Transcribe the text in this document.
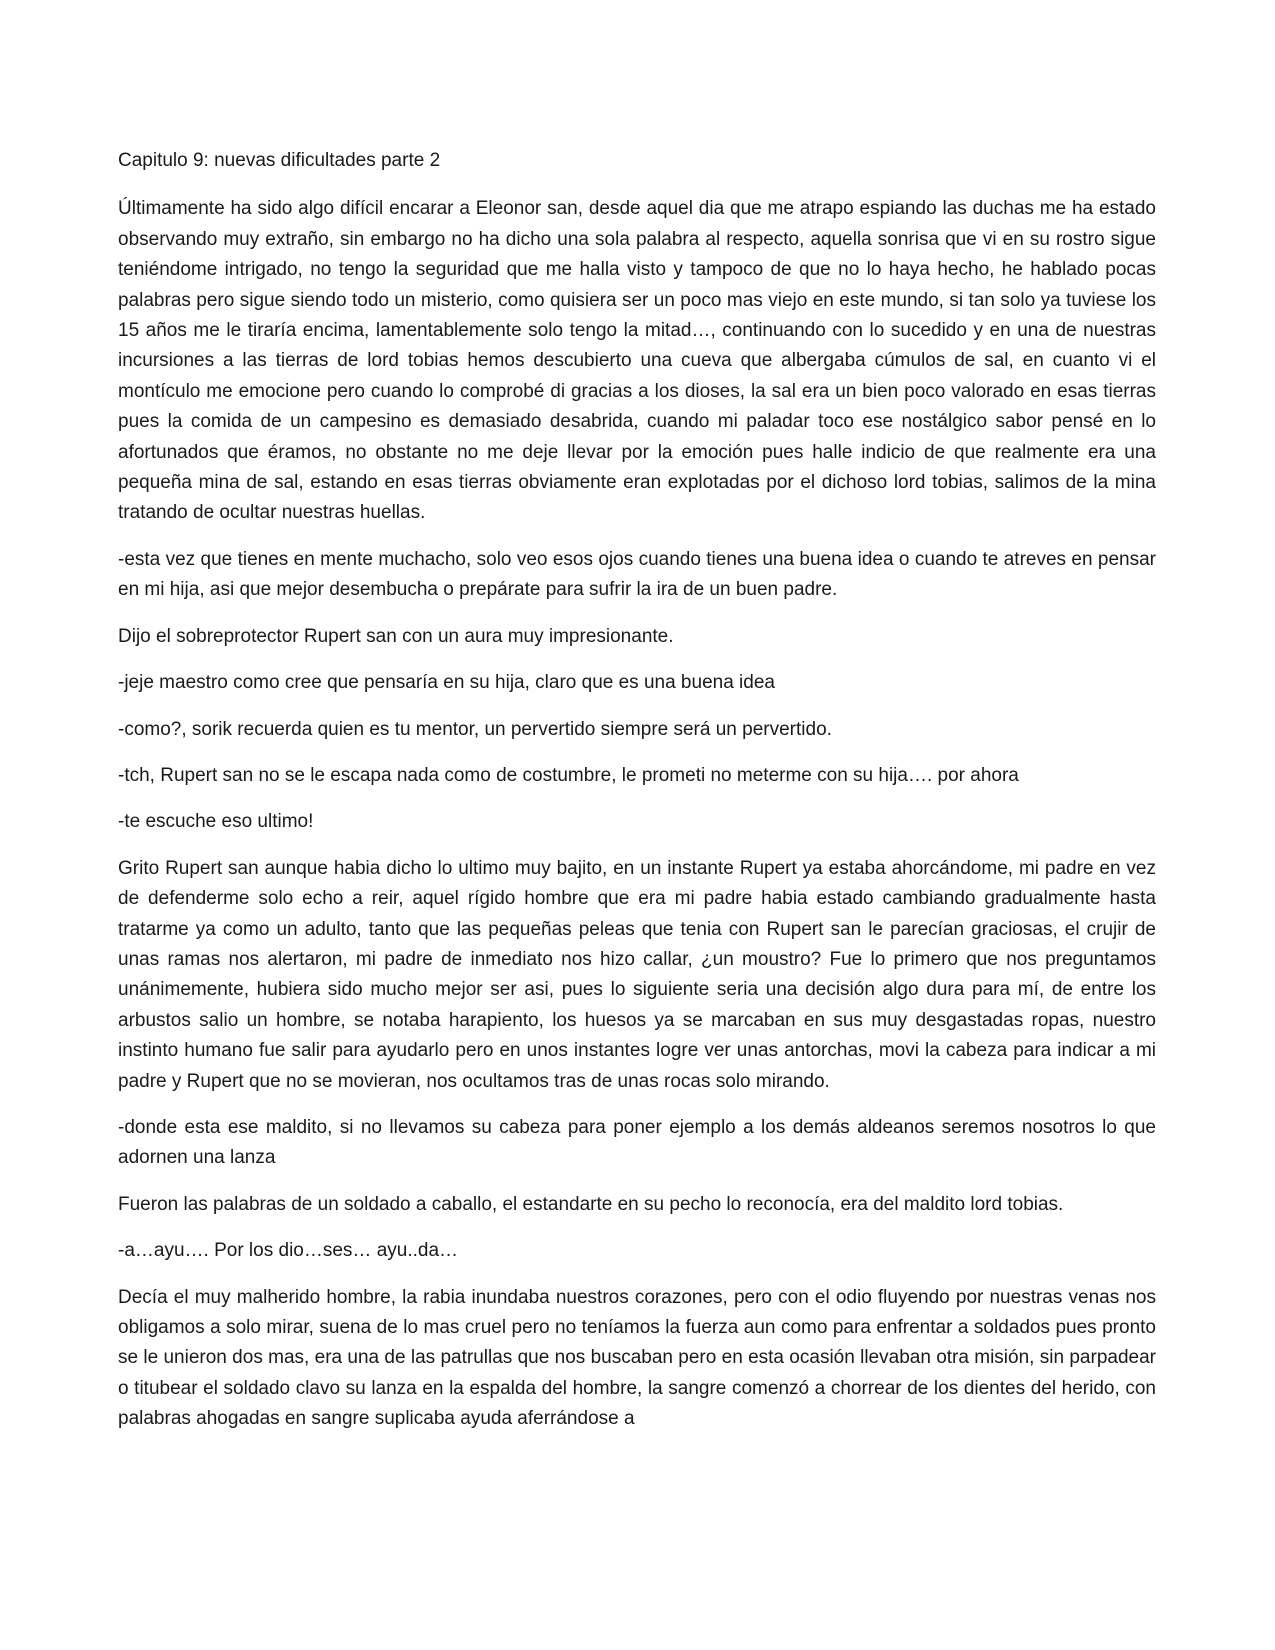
Capitulo 9: nuevas dificultades parte 2

Últimamente ha sido algo difícil encarar a Eleonor san, desde aquel dia que me atrapo espiando las duchas me ha estado observando muy extraño, sin embargo no ha dicho una sola palabra al respecto, aquella sonrisa que vi en su rostro sigue teniéndome intrigado, no tengo la seguridad que me halla visto y tampoco de que no lo haya hecho, he hablado pocas palabras pero sigue siendo todo un misterio, como quisiera ser un poco mas viejo en este mundo, si tan solo ya tuviese los 15 años me le tiraría encima, lamentablemente solo tengo la mitad…, continuando con lo sucedido y en una de nuestras incursiones a las tierras de lord tobias hemos descubierto una cueva que albergaba cúmulos de sal, en cuanto vi el montículo me emocione pero cuando lo comprobé di gracias a los dioses, la sal era un bien poco valorado en esas tierras pues la comida de un campesino es demasiado desabrida, cuando mi paladar toco ese nostálgico sabor pensé en lo afortunados que éramos, no obstante no me deje llevar por la emoción pues halle indicio de que realmente era una pequeña mina de sal, estando en esas tierras obviamente eran explotadas por el dichoso lord tobias, salimos de la mina tratando de ocultar nuestras huellas.

-esta vez que tienes en mente muchacho, solo veo esos ojos cuando tienes una buena idea o cuando te atreves en pensar en mi hija, asi que mejor desembucha o prepárate para sufrir la ira de un buen padre.

Dijo el sobreprotector Rupert san con un aura muy impresionante.

-jeje maestro como cree que pensaría en su hija, claro que es una buena idea

-como?, sorik recuerda quien es tu mentor, un pervertido siempre será un pervertido.

-tch, Rupert san no se le escapa nada como de costumbre, le prometi no meterme con su hija…. por ahora

-te escuche eso ultimo!

Grito Rupert san aunque habia dicho lo ultimo muy bajito, en un instante Rupert ya estaba ahorcándome, mi padre en vez de defenderme solo echo a reir, aquel rígido hombre que era mi padre habia estado cambiando gradualmente hasta tratarme ya como un adulto, tanto que las pequeñas peleas que tenia con Rupert san le parecían graciosas, el crujir de unas ramas nos alertaron, mi padre de inmediato nos hizo callar, ¿un moustro? Fue lo primero que nos preguntamos unánimemente, hubiera sido mucho mejor ser asi, pues lo siguiente seria una decisión algo dura para mí, de entre los arbustos salio un hombre, se notaba harapiento, los huesos ya se marcaban en sus muy desgastadas ropas, nuestro instinto humano fue salir para ayudarlo pero en unos instantes logre ver unas antorchas, movi la cabeza para indicar a mi padre y Rupert que no se movieran, nos ocultamos tras de unas rocas solo mirando.

-donde esta ese maldito, si no llevamos su cabeza para poner ejemplo a los demás aldeanos seremos nosotros lo que adornen una lanza

Fueron las palabras de un soldado a caballo, el estandarte en su pecho lo reconocía, era del maldito lord tobias.

-a…ayu…. Por los dio…ses… ayu..da…

Decía el muy malherido hombre, la rabia inundaba nuestros corazones, pero con el odio fluyendo por nuestras venas nos obligamos a solo mirar, suena de lo mas cruel pero no teníamos la fuerza aun como para enfrentar a soldados pues pronto se le unieron dos mas, era una de las patrullas que nos buscaban pero en esta ocasión llevaban otra misión, sin parpadear o titubear el soldado clavo su lanza en la espalda del hombre, la sangre comenzó a chorrear de los dientes del herido, con palabras ahogadas en sangre suplicaba ayuda aferrándose a
